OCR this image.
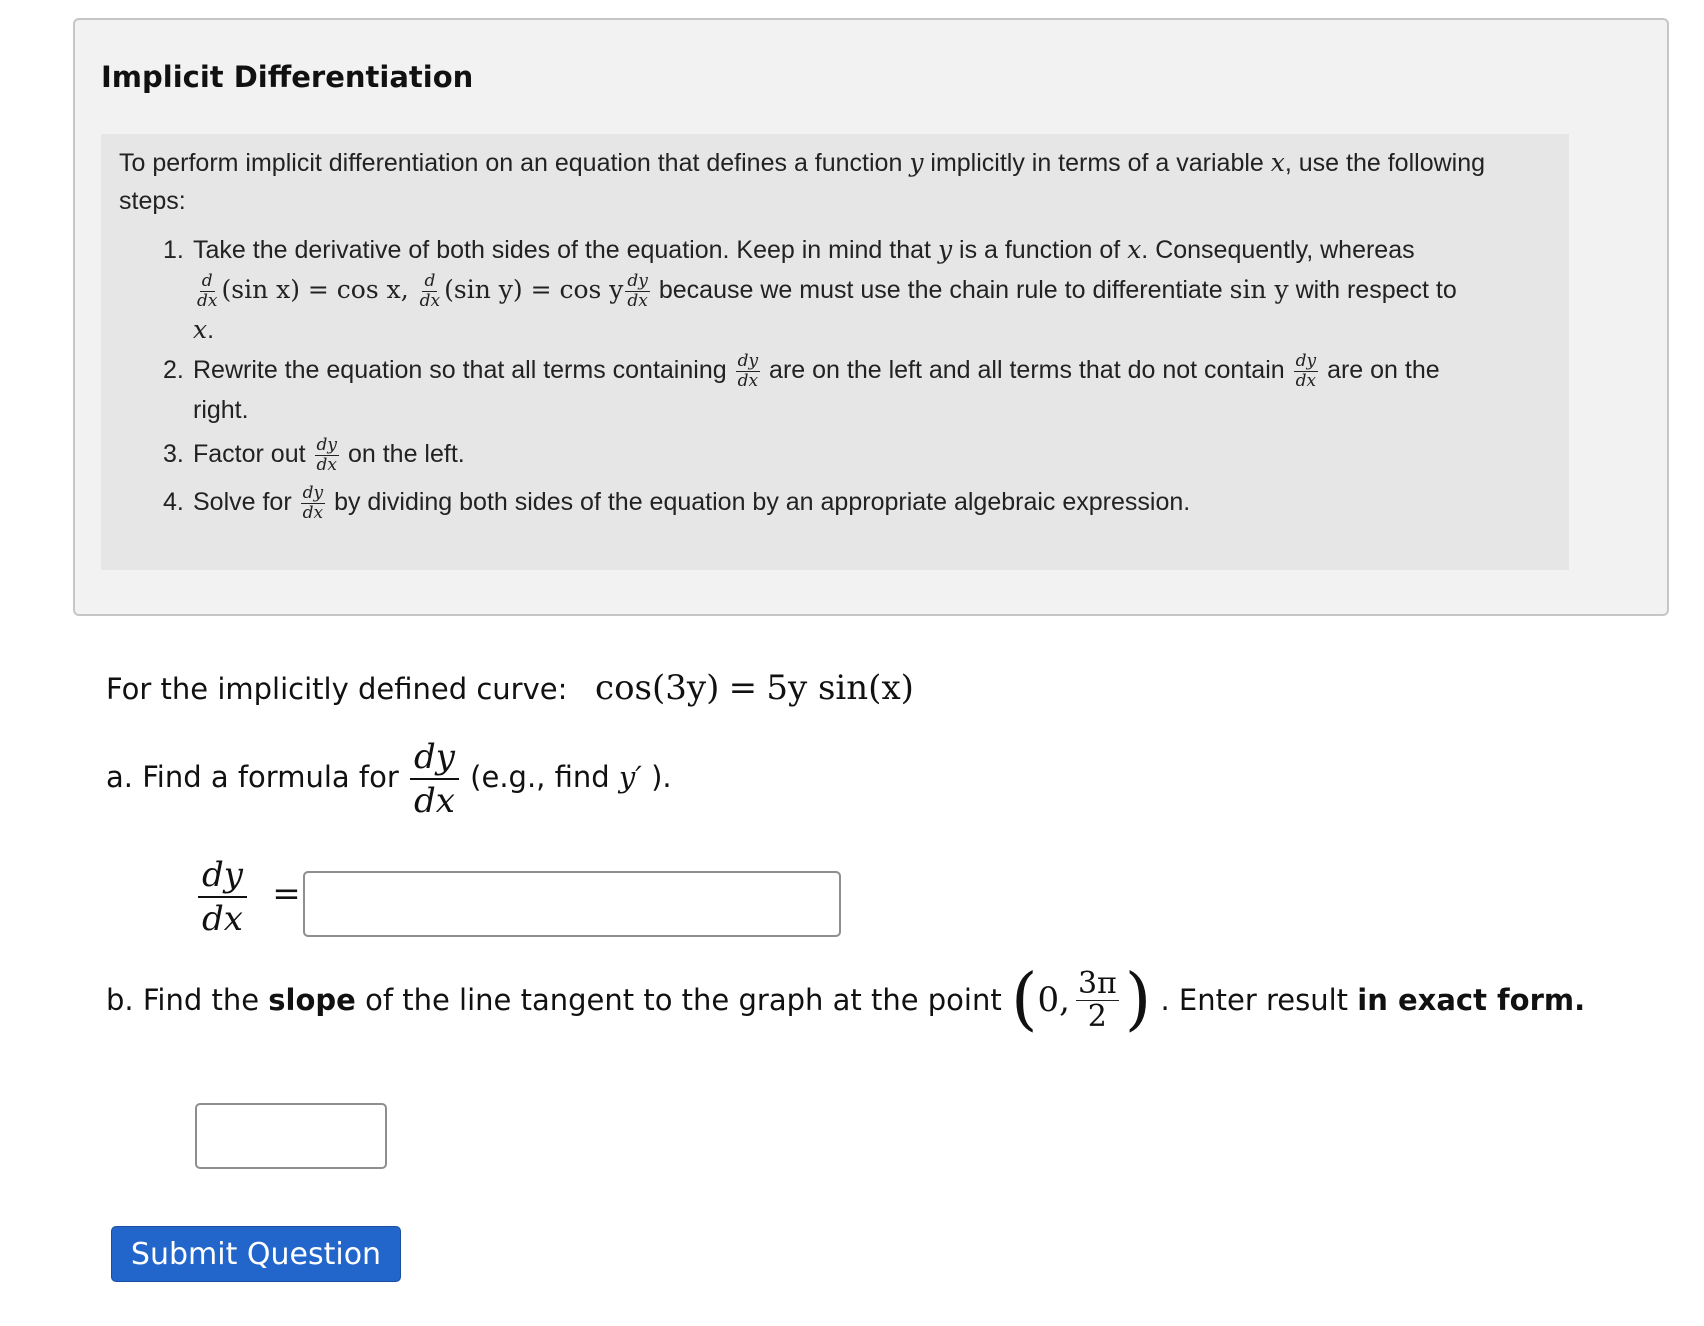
Implicit Differentiation
To perform implicit differentiation on an equation that defines a function y implicitly in terms of a variable x, use the following steps:
1. Take the derivative of both sides of the equation. Keep in mind that y is a function of x. Consequently, whereas

$\frac{d}{dx} (\sin$ x) = cos x, $\frac{d}{dx} (\sin$ y) = cos y $\frac{dy}{dx}$ because we must use the chain rule to differentiate sin y with respect to
x.
2. Rewrite the equation so that all terms containing $\frac{dy}{dx}$ are on the left and all terms that do not contain $\frac{dy}{dx}$ are on the
right.
3. Factor out $\frac{dy}{dx}$ on the left.
4. Solve for $\frac{dy}{dx}$ by dividing both sides of the equation by an appropriate algebraic expression.
For the implicitly defined curve: cos(3y) = 5y sin(x)
a. Find a formula for $\frac{dy}{dx} (e.g$., find y′ ).
$\frac{dy}{dx}$ =
b. Find the
slope
of the line tangent to the graph at the point
( 0, $\frac{3\pi}{2}$ )
. Enter result
in exact form.
Submit Question
